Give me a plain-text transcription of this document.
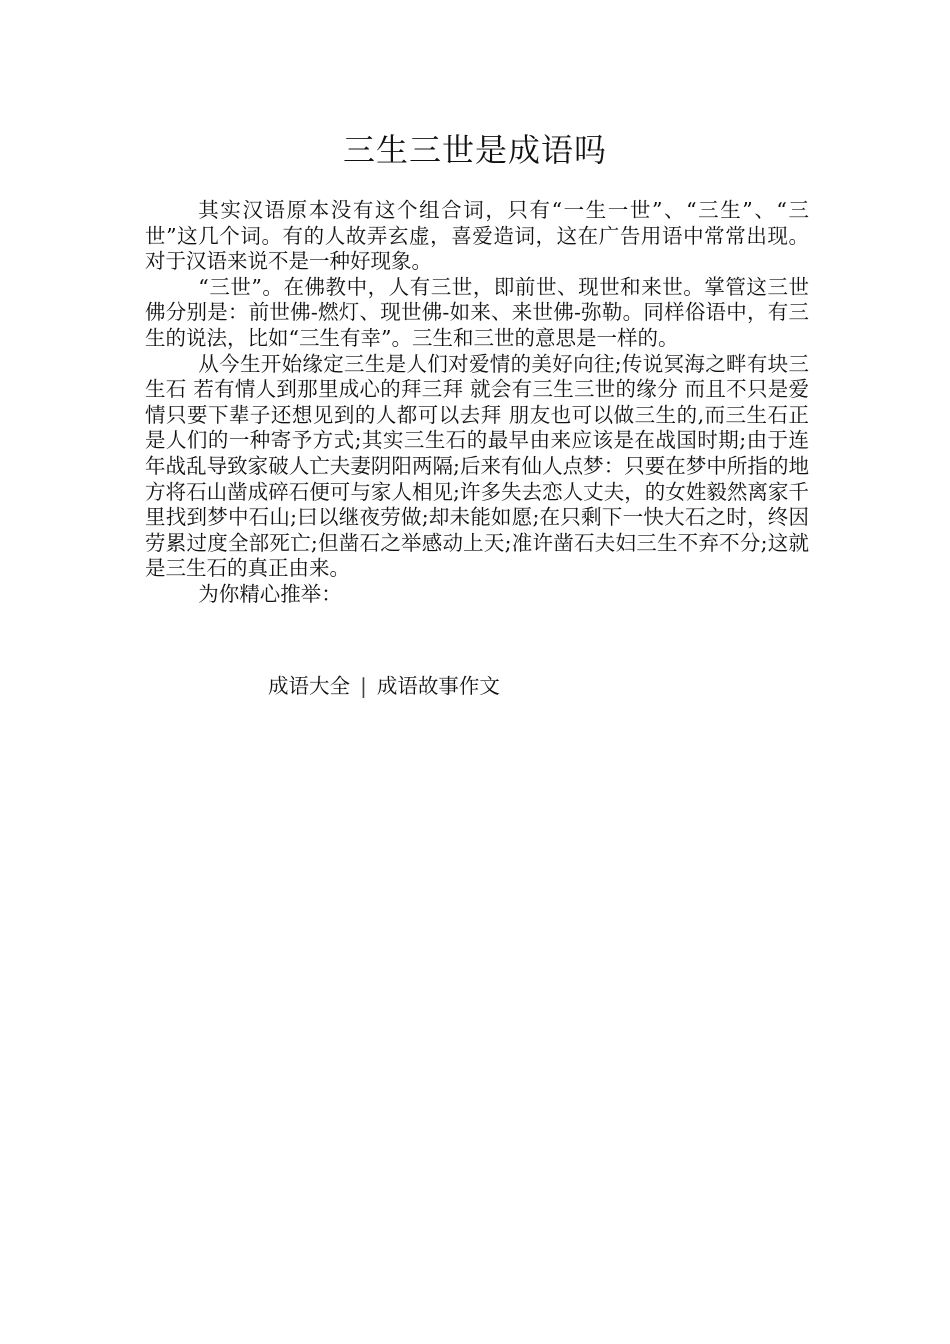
三生三世是成语吗

其实汉语原本没有这个组合词，只有“一生一世”、“三生”、“三世”这几个词。有的人故弄玄虚，喜爱造词，这在广告用语中常常出现。对于汉语来说不是一种好现象。

“三世”。在佛教中，人有三世，即前世、现世和来世。掌管这三世佛分别是：前世佛-燃灯、现世佛-如来、来世佛-弥勒。同样俗语中，有三生的说法，比如“三生有幸”。三生和三世的意思是一样的。

从今生开始缘定三生是人们对爱情的美好向往;传说冥海之畔有块三生石 若有情人到那里成心的拜三拜 就会有三生三世的缘分 而且不只是爱情只要下辈子还想见到的人都可以去拜 朋友也可以做三生的,而三生石正是人们的一种寄予方式;其实三生石的最早由来应该是在战国时期;由于连年战乱导致家破人亡夫妻阴阳两隔;后来有仙人点梦：只要在梦中所指的地方将石山凿成碎石便可与家人相见;许多失去恋人丈夫，的女姓毅然离家千里找到梦中石山;曰以继夜劳做;却未能如愿;在只剩下一快大石之时，终因劳累过度全部死亡;但凿石之举感动上天;准许凿石夫妇三生不弃不分;这就是三生石的真正由来。

为你精心推举：

成语大全 | 成语故事作文
